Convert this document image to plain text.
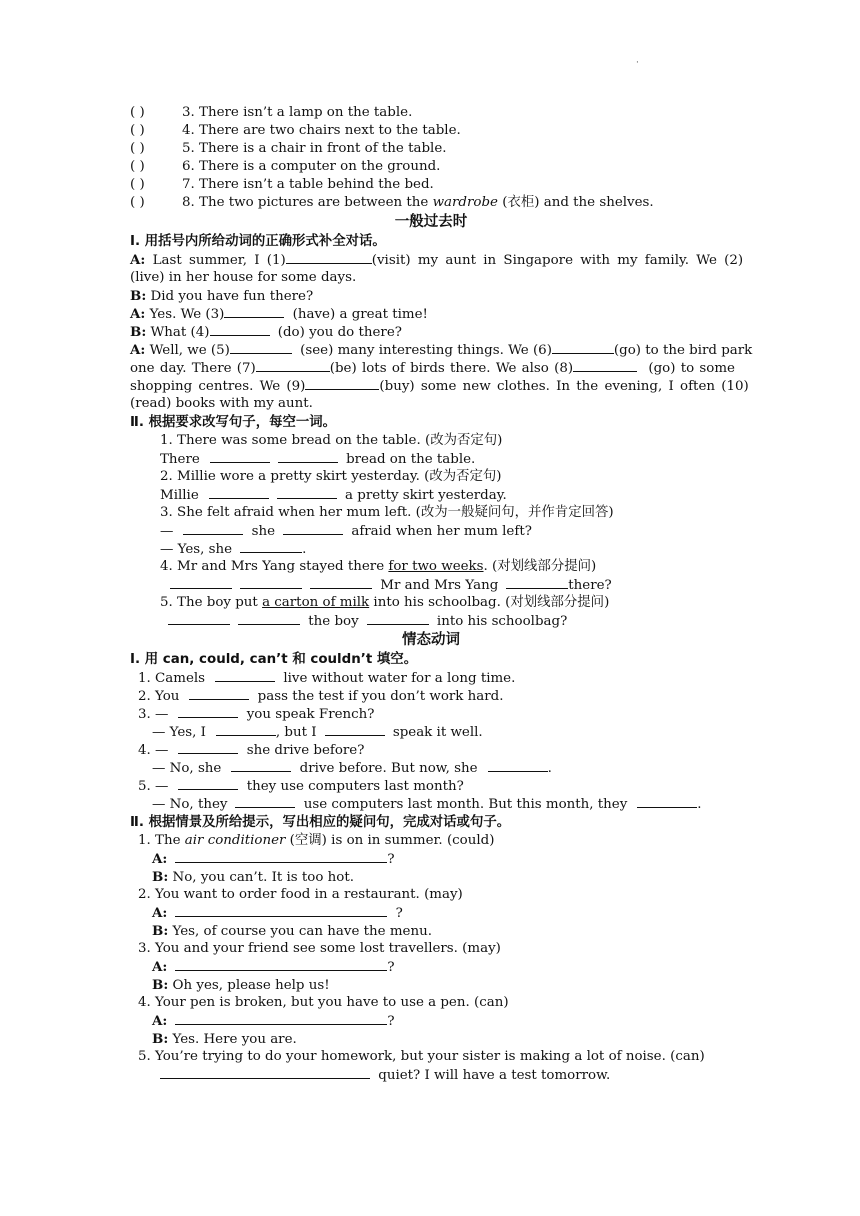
·
( )	3. There isn’t a lamp on the table.
( )	4. There are two chairs next to the table.
( )	5. There is a chair in front of the table.
( )	6. There is a computer on the ground.
( )	7. There isn’t a table behind the bed.
( )	8. The two pictures are between the wardrobe (衣柜) and the shelves.
一般过去时
Ⅰ. 用括号内所给动词的正确形式补全对话。
A: Last summer, I (1)	(visit) my aunt in Singapore with my family. We (2)
(live) in her house for some days.
B: Did you have fun there?
A: Yes. We (3)	(have) a great time!
B: What (4)	(do) you do there?
A: Well, we (5)	(see) many interesting things. We (6)	(go) to the bird park
one day. There (7)	(be) lots of birds there. We also (8)	(go) to some
shopping centres. We (9)	(buy) some new clothes. In the evening, I often (10)
(read) books with my aunt.
Ⅱ. 根据要求改写句子，每空一词。
1. There was some bread on the table. (改为否定句)
There	bread on the table.
2. Millie wore a pretty skirt yesterday. (改为否定句)
Millie	a pretty skirt yesterday.
3. She felt afraid when her mum left. (改为一般疑问句，并作肯定回答)
—	she	afraid when her mum left?
— Yes, she	.
4. Mr and Mrs Yang stayed there for two weeks. (对划线部分提问)
Mr and Mrs Yang	there?
5. The boy put a carton of milk into his schoolbag. (对划线部分提问)
the boy	into his schoolbag?
情态动词
Ⅰ. 用 can, could, can’t 和 couldn’t 填空。
1. Camels	live without water for a long time.
2. You	pass the test if you don’t work hard.
3. —	you speak French?
— Yes, I	, but I	speak it well.
4. —	she drive before?
— No, she	drive before. But now, she	.
5. —	they use computers last month?
— No, they	use computers last month. But this month, they	.
Ⅱ. 根据情景及所给提示，写出相应的疑问句，完成对话或句子。
1. The air conditioner (空调) is on in summer. (could)
A:	?
B: No, you can’t. It is too hot.
2. You want to order food in a restaurant. (may)
A:	?
B: Yes, of course you can have the menu.
3. You and your friend see some lost travellers. (may)
A:	?
B: Oh yes, please help us!
4. Your pen is broken, but you have to use a pen. (can)
A:	?
B: Yes. Here you are.
5. You’re trying to do your homework, but your sister is making a lot of noise. (can)
quiet? I will have a test tomorrow.
